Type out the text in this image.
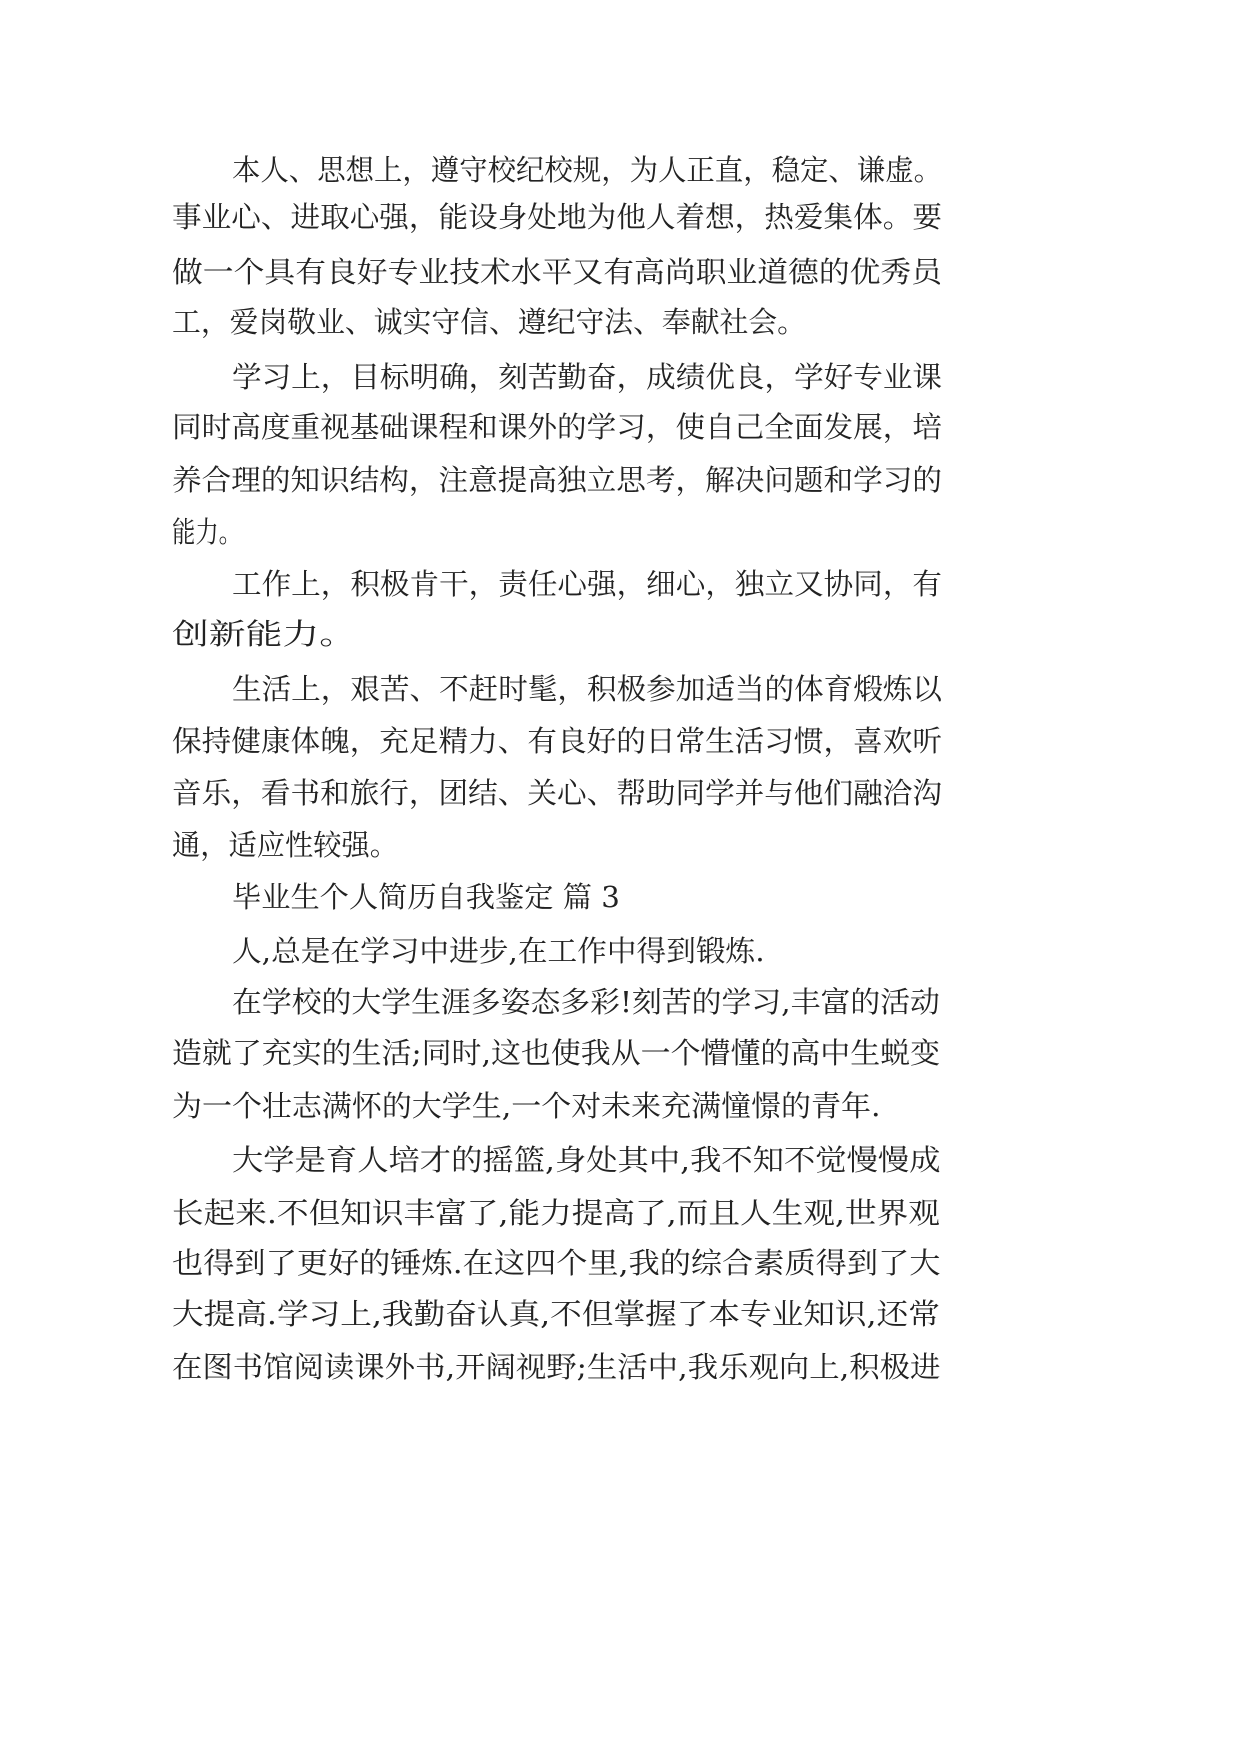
本人、思想上，遵守校纪校规，为人正直，稳定、谦虚。

事业心、进取心强，能设身处地为他人着想，热爱集体。要

做一个具有良好专业技术水平又有高尚职业道德的优秀员

工，爱岗敬业、诚实守信、遵纪守法、奉献社会。

学习上，目标明确，刻苦勤奋，成绩优良，学好专业课

同时高度重视基础课程和课外的学习，使自己全面发展，培

养合理的知识结构，注意提高独立思考，解决问题和学习的

能力。

工作上，积极肯干，责任心强，细心，独立又协同，有

创新能力。

生活上，艰苦、不赶时髦，积极参加适当的体育煅炼以

保持健康体魄，充足精力、有良好的日常生活习惯，喜欢听

音乐，看书和旅行，团结、关心、帮助同学并与他们融洽沟

通，适应性较强。

毕业生个人简历自我鉴定 篇 3

人,总是在学习中进步,在工作中得到锻炼.

在学校的大学生涯多姿态多彩!刻苦的学习,丰富的活动

造就了充实的生活;同时,这也使我从一个懵懂的高中生蜕变

为一个壮志满怀的大学生,一个对未来充满憧憬的青年.

大学是育人培才的摇篮,身处其中,我不知不觉慢慢成

长起来.不但知识丰富了,能力提高了,而且人生观,世界观

也得到了更好的锤炼.在这四个里,我的综合素质得到了大

大提高.学习上,我勤奋认真,不但掌握了本专业知识,还常

在图书馆阅读课外书,开阔视野;生活中,我乐观向上,积极进
